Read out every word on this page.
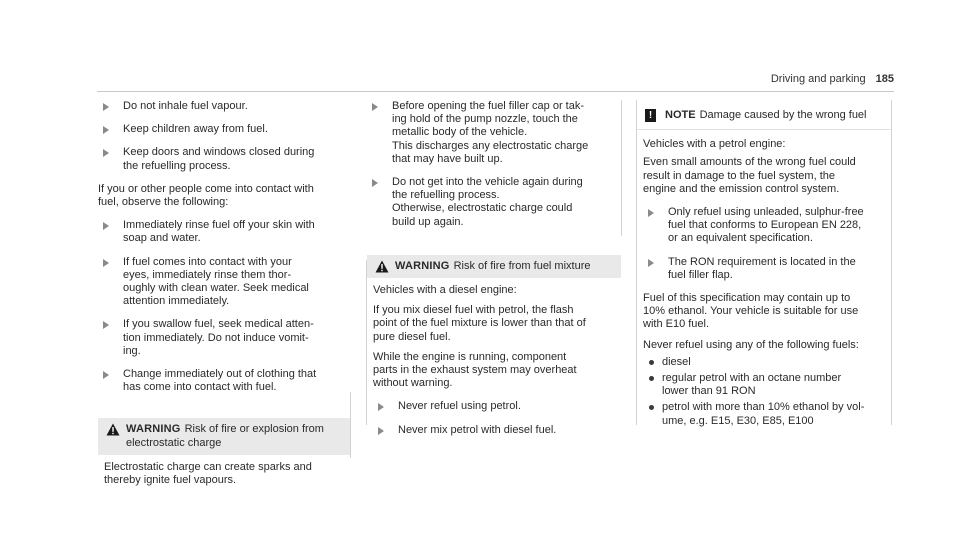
Driving and parking 185
Do not inhale fuel vapour.
Keep children away from fuel.
Keep doors and windows closed during
the refuelling process.

If you or other people come into contact with
fuel, observe the following:

Immediately rinse fuel off your skin with
soap and water.
If fuel comes into contact with your
eyes, immediately rinse them thor-
oughly with clean water. Seek medical
attention immediately.
If you swallow fuel, seek medical atten-
tion immediately. Do not induce vomit-
ing.
Change immediately out of clothing that
has come into contact with fuel.
WARNING Risk of fire or explosion from
electrostatic charge
Electrostatic charge can create sparks and
thereby ignite fuel vapours.
Before opening the fuel filler cap or tak-
ing hold of the pump nozzle, touch the
metallic body of the vehicle.
This discharges any electrostatic charge
that may have built up.
Do not get into the vehicle again during
the refuelling process.
Otherwise, electrostatic charge could
build up again.
WARNING Risk of fire from fuel mixture

Vehicles with a diesel engine:

If you mix diesel fuel with petrol, the flash
point of the fuel mixture is lower than that of
pure diesel fuel.

While the engine is running, component
parts in the exhaust system may overheat
without warning.

Never refuel using petrol.
Never mix petrol with diesel fuel.
!	NOTE Damage caused by the wrong fuel

Vehicles with a petrol engine:

Even small amounts of the wrong fuel could
result in damage to the fuel system, the
engine and the emission control system.

Only refuel using unleaded, sulphur-free
fuel that conforms to European EN 228,
or an equivalent specification.
The RON requirement is located in the
fuel filler flap.

Fuel of this specification may contain up to
10% ethanol. Your vehicle is suitable for use
with E10 fuel.

Never refuel using any of the following fuels:

diesel
regular petrol with an octane number
lower than 91 RON
petrol with more than 10% ethanol by vol-
ume, e.g. E15, E30, E85, E100
